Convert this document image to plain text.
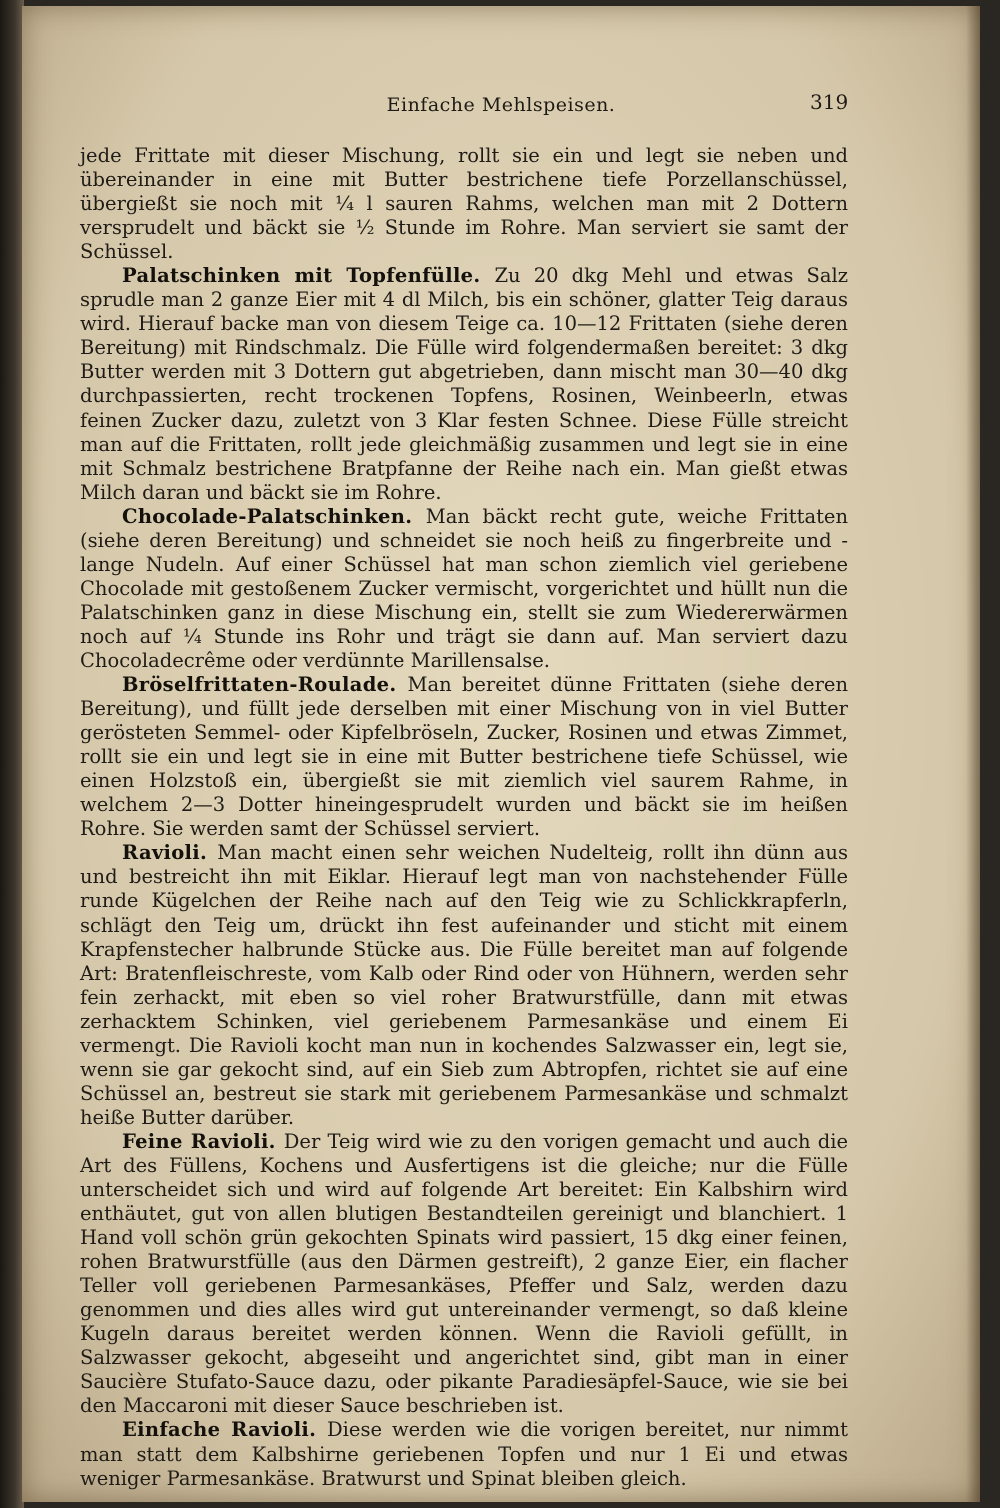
Einfache Mehlspeisen.	319

jede Frittate mit dieser Mischung, rollt sie ein und legt sie neben und übereinander in eine mit Butter bestrichene tiefe Porzellanschüssel, übergießt sie noch mit ¼ l sauren Rahms, welchen man mit 2 Dottern versprudelt und bäckt sie ½ Stunde im Rohre. Man serviert sie samt der Schüssel.

Palatschinken mit Topfenfülle. Zu 20 dkg Mehl und etwas Salz sprudle man 2 ganze Eier mit 4 dl Milch, bis ein schöner, glatter Teig daraus wird. Hierauf backe man von diesem Teige ca. 10—12 Frittaten (siehe deren Bereitung) mit Rindschmalz. Die Fülle wird folgendermaßen bereitet: 3 dkg Butter werden mit 3 Dottern gut abgetrieben, dann mischt man 30—40 dkg durchpassierten, recht trockenen Topfens, Rosinen, Weinbeerln, etwas feinen Zucker dazu, zuletzt von 3 Klar festen Schnee. Diese Fülle streicht man auf die Frittaten, rollt jede gleichmäßig zusammen und legt sie in eine mit Schmalz bestrichene Bratpfanne der Reihe nach ein. Man gießt etwas Milch daran und bäckt sie im Rohre.

Chocolade-Palatschinken. Man bäckt recht gute, weiche Frittaten (siehe deren Bereitung) und schneidet sie noch heiß zu fingerbreite und -lange Nudeln. Auf einer Schüssel hat man schon ziemlich viel geriebene Chocolade mit gestoßenem Zucker vermischt, vorgerichtet und hüllt nun die Palatschinken ganz in diese Mischung ein, stellt sie zum Wiedererwärmen noch auf ¼ Stunde ins Rohr und trägt sie dann auf. Man serviert dazu Chocoladecrême oder verdünnte Marillensalse.

Bröselfrittaten-Roulade. Man bereitet dünne Frittaten (siehe deren Bereitung), und füllt jede derselben mit einer Mischung von in viel Butter gerösteten Semmel- oder Kipfelbröseln, Zucker, Rosinen und etwas Zimmet, rollt sie ein und legt sie in eine mit Butter bestrichene tiefe Schüssel, wie einen Holzstoß ein, übergießt sie mit ziemlich viel saurem Rahme, in welchem 2—3 Dotter hineingesprudelt wurden und bäckt sie im heißen Rohre. Sie werden samt der Schüssel serviert.

Ravioli. Man macht einen sehr weichen Nudelteig, rollt ihn dünn aus und bestreicht ihn mit Eiklar. Hierauf legt man von nachstehender Fülle runde Kügelchen der Reihe nach auf den Teig wie zu Schlickkrapferln, schlägt den Teig um, drückt ihn fest aufeinander und sticht mit einem Krapfenstecher halbrunde Stücke aus. Die Fülle bereitet man auf folgende Art: Bratenfleischreste, vom Kalb oder Rind oder von Hühnern, werden sehr fein zerhackt, mit eben so viel roher Bratwurstfülle, dann mit etwas zerhacktem Schinken, viel geriebenem Parmesankäse und einem Ei vermengt. Die Ravioli kocht man nun in kochendes Salzwasser ein, legt sie, wenn sie gar gekocht sind, auf ein Sieb zum Abtropfen, richtet sie auf eine Schüssel an, bestreut sie stark mit geriebenem Parmesankäse und schmalzt heiße Butter darüber.

Feine Ravioli. Der Teig wird wie zu den vorigen gemacht und auch die Art des Füllens, Kochens und Ausfertigens ist die gleiche; nur die Fülle unterscheidet sich und wird auf folgende Art bereitet: Ein Kalbshirn wird enthäutet, gut von allen blutigen Bestandteilen gereinigt und blanchiert. 1 Hand voll schön grün gekochten Spinats wird passiert, 15 dkg einer feinen, rohen Bratwurstfülle (aus den Därmen gestreift), 2 ganze Eier, ein flacher Teller voll geriebenen Parmesankäses, Pfeffer und Salz, werden dazu genommen und dies alles wird gut untereinander vermengt, so daß kleine Kugeln daraus bereitet werden können. Wenn die Ravioli gefüllt, in Salzwasser gekocht, abgeseiht und angerichtet sind, gibt man in einer Saucière Stufato-Sauce dazu, oder pikante Paradiesäpfel-Sauce, wie sie bei den Maccaroni mit dieser Sauce beschrieben ist.

Einfache Ravioli. Diese werden wie die vorigen bereitet, nur nimmt man statt dem Kalbshirne geriebenen Topfen und nur 1 Ei und etwas weniger Parmesankäse. Bratwurst und Spinat bleiben gleich.
